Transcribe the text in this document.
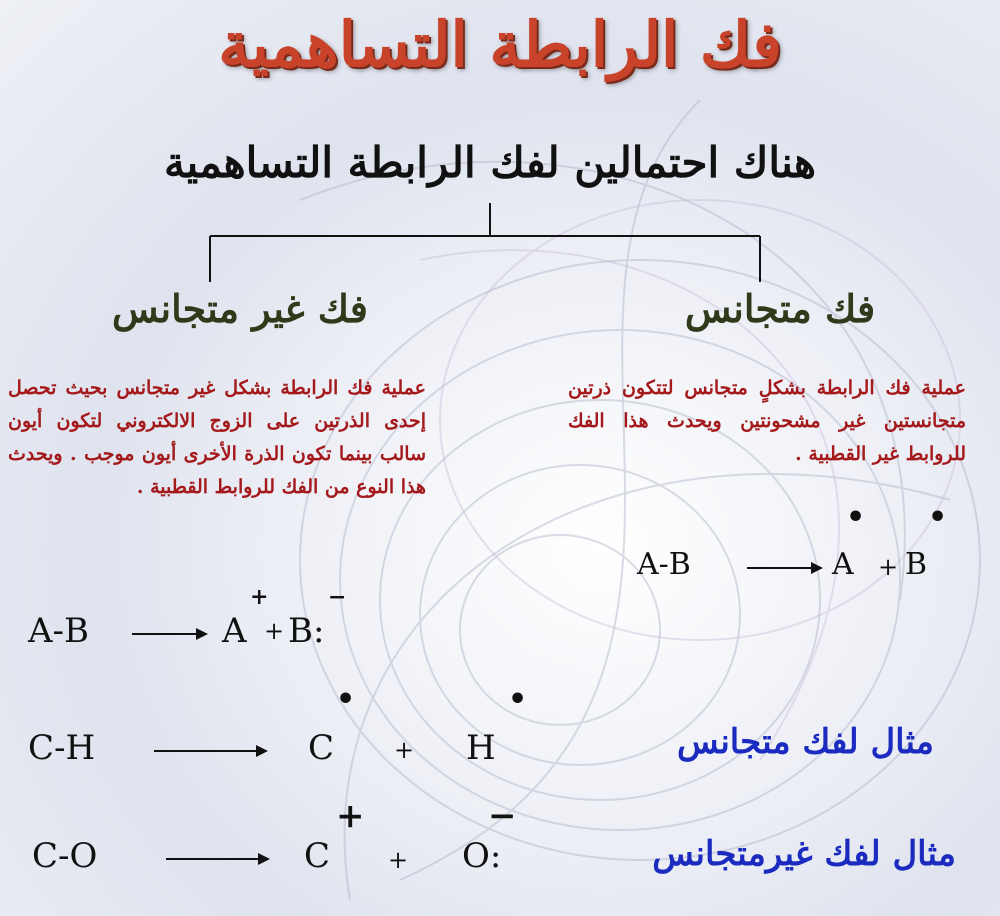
فك الرابطة التساهمية
هناك احتمالين لفك الرابطة التساهمية
فك غير متجانس	فك متجانس
عملية فك الرابطة بشكل غير متجانس بحيث تحصل إحدى الذرتين على الزوج الالكتروني لتكون أيون سالب بينما تكون الذرة الأخرى أيون موجب . ويحدث هذا النوع من الفك للروابط القطبية .
عملية فك الرابطة بشكلٍ متجانس لتتكون ذرتين متجانستين غير مشحونتين ويحدث هذا الفك للروابط غير القطبية .
A-B	A
•
+ B
•
A-B	A
+
+ B:
−
C-H	C
•
+ H
•
مثال لفك متجانس
C-O	C
+
+ O:
−
مثال لفك غيرمتجانس
